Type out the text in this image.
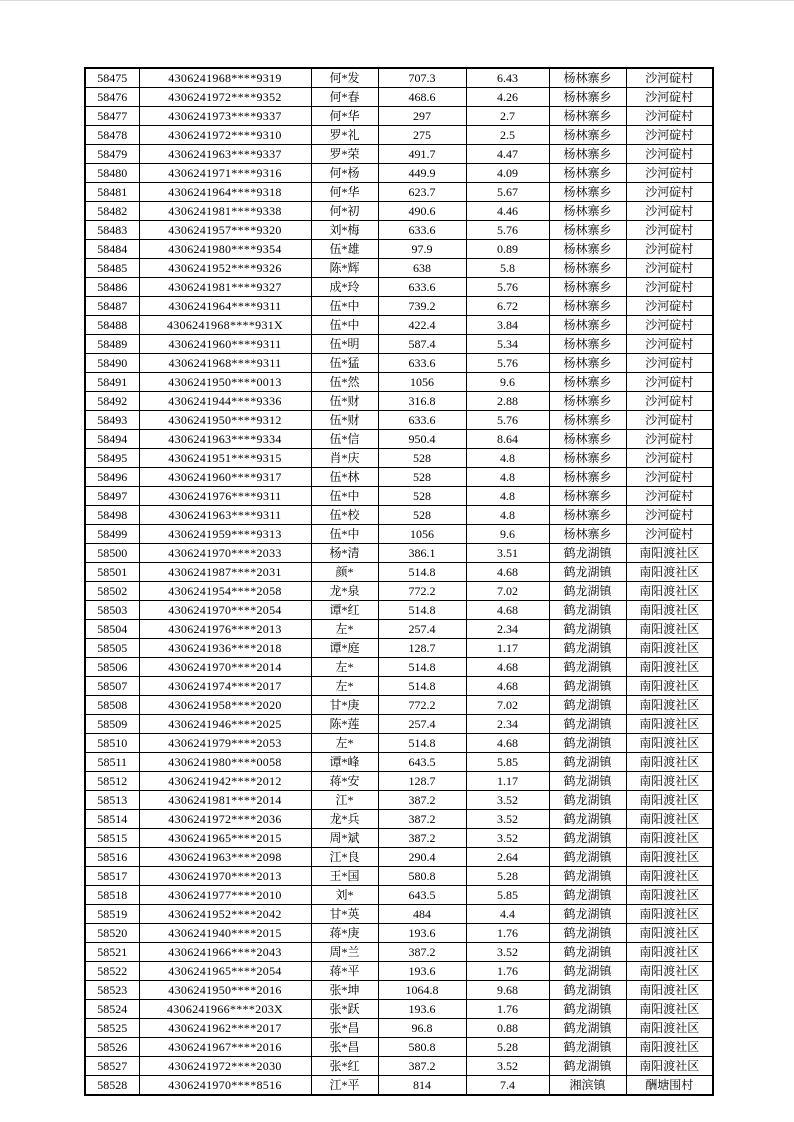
58475	4306241968****9319	何*发	707.3	6.43	杨林寨乡	沙河碇村
58476	4306241972****9352	何*春	468.6	4.26	杨林寨乡	沙河碇村
58477	4306241973****9337	何*华	297	2.7	杨林寨乡	沙河碇村
58478	4306241972****9310	罗*礼	275	2.5	杨林寨乡	沙河碇村
58479	4306241963****9337	罗*荣	491.7	4.47	杨林寨乡	沙河碇村
58480	4306241971****9316	何*杨	449.9	4.09	杨林寨乡	沙河碇村
58481	4306241964****9318	何*华	623.7	5.67	杨林寨乡	沙河碇村
58482	4306241981****9338	何*初	490.6	4.46	杨林寨乡	沙河碇村
58483	4306241957****9320	刘*梅	633.6	5.76	杨林寨乡	沙河碇村
58484	4306241980****9354	伍*雄	97.9	0.89	杨林寨乡	沙河碇村
58485	4306241952****9326	陈*辉	638	5.8	杨林寨乡	沙河碇村
58486	4306241981****9327	成*玲	633.6	5.76	杨林寨乡	沙河碇村
58487	4306241964****9311	伍*中	739.2	6.72	杨林寨乡	沙河碇村
58488	4306241968****931X	伍*中	422.4	3.84	杨林寨乡	沙河碇村
58489	4306241960****9311	伍*明	587.4	5.34	杨林寨乡	沙河碇村
58490	4306241968****9311	伍*猛	633.6	5.76	杨林寨乡	沙河碇村
58491	4306241950****0013	伍*然	1056	9.6	杨林寨乡	沙河碇村
58492	4306241944****9336	伍*财	316.8	2.88	杨林寨乡	沙河碇村
58493	4306241950****9312	伍*财	633.6	5.76	杨林寨乡	沙河碇村
58494	4306241963****9334	伍*信	950.4	8.64	杨林寨乡	沙河碇村
58495	4306241951****9315	肖*庆	528	4.8	杨林寨乡	沙河碇村
58496	4306241960****9317	伍*林	528	4.8	杨林寨乡	沙河碇村
58497	4306241976****9311	伍*中	528	4.8	杨林寨乡	沙河碇村
58498	4306241963****9311	伍*校	528	4.8	杨林寨乡	沙河碇村
58499	4306241959****9313	伍*中	1056	9.6	杨林寨乡	沙河碇村
58500	4306241970****2033	杨*清	386.1	3.51	鹤龙湖镇	南阳渡社区
58501	4306241987****2031	颜*	514.8	4.68	鹤龙湖镇	南阳渡社区
58502	4306241954****2058	龙*泉	772.2	7.02	鹤龙湖镇	南阳渡社区
58503	4306241970****2054	谭*红	514.8	4.68	鹤龙湖镇	南阳渡社区
58504	4306241976****2013	左*	257.4	2.34	鹤龙湖镇	南阳渡社区
58505	4306241936****2018	谭*庭	128.7	1.17	鹤龙湖镇	南阳渡社区
58506	4306241970****2014	左*	514.8	4.68	鹤龙湖镇	南阳渡社区
58507	4306241974****2017	左*	514.8	4.68	鹤龙湖镇	南阳渡社区
58508	4306241958****2020	甘*庚	772.2	7.02	鹤龙湖镇	南阳渡社区
58509	4306241946****2025	陈*莲	257.4	2.34	鹤龙湖镇	南阳渡社区
58510	4306241979****2053	左*	514.8	4.68	鹤龙湖镇	南阳渡社区
58511	4306241980****0058	谭*峰	643.5	5.85	鹤龙湖镇	南阳渡社区
58512	4306241942****2012	蒋*安	128.7	1.17	鹤龙湖镇	南阳渡社区
58513	4306241981****2014	江*	387.2	3.52	鹤龙湖镇	南阳渡社区
58514	4306241972****2036	龙*兵	387.2	3.52	鹤龙湖镇	南阳渡社区
58515	4306241965****2015	周*斌	387.2	3.52	鹤龙湖镇	南阳渡社区
58516	4306241963****2098	江*良	290.4	2.64	鹤龙湖镇	南阳渡社区
58517	4306241970****2013	王*国	580.8	5.28	鹤龙湖镇	南阳渡社区
58518	4306241977****2010	刘*	643.5	5.85	鹤龙湖镇	南阳渡社区
58519	4306241952****2042	甘*英	484	4.4	鹤龙湖镇	南阳渡社区
58520	4306241940****2015	蒋*庚	193.6	1.76	鹤龙湖镇	南阳渡社区
58521	4306241966****2043	周*兰	387.2	3.52	鹤龙湖镇	南阳渡社区
58522	4306241965****2054	蒋*平	193.6	1.76	鹤龙湖镇	南阳渡社区
58523	4306241950****2016	张*坤	1064.8	9.68	鹤龙湖镇	南阳渡社区
58524	4306241966****203X	张*跃	193.6	1.76	鹤龙湖镇	南阳渡社区
58525	4306241962****2017	张*昌	96.8	0.88	鹤龙湖镇	南阳渡社区
58526	4306241967****2016	张*昌	580.8	5.28	鹤龙湖镇	南阳渡社区
58527	4306241972****2030	张*红	387.2	3.52	鹤龙湖镇	南阳渡社区
58528	4306241970****8516	江*平	814	7.4	湘滨镇	酬塘围村
